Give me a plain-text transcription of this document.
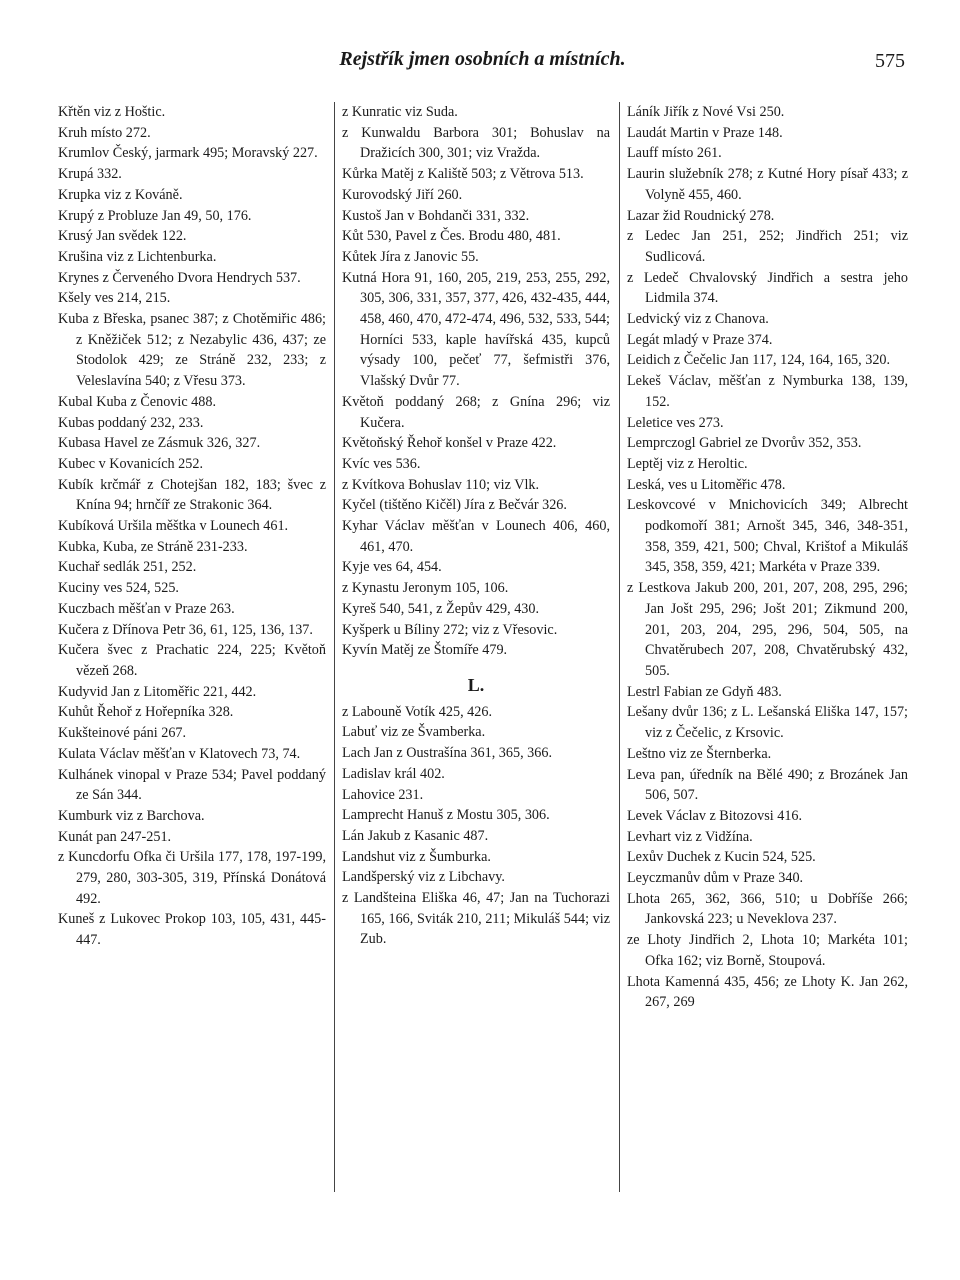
Rejstřík jmen osobních a místních.	575

Křtěn viz z Hoštic.

Kruh místo 272.

Krumlov Český, jarmark 495; Moravský 227.

Krupá 332.

Krupka viz z Kováně.

Krupý z Probluze Jan 49, 50, 176.

Krusý Jan svědek 122.

Krušina viz z Lichtenburka.

Krynes z Červeného Dvora Hendrych 537.

Kšely ves 214, 215.

Kuba z Břeska, psanec 387; z Chotěmiřic 486; z Kněžiček 512; z Nezabylic 436, 437; ze Stodolok 429; ze Stráně 232, 233; z Veleslavína 540; z Vřesu 373.

Kubal Kuba z Čenovic 488.

Kubas poddaný 232, 233.

Kubasa Havel ze Zásmuk 326, 327.

Kubec v Kovanicích 252.

Kubík krčmář z Chotejšan 182, 183; švec z Knína 94; hrnčíř ze Strakonic 364.

Kubíková Uršila měštka v Lounech 461.

Kubka, Kuba, ze Stráně 231-233.

Kuchař sedlák 251, 252.

Kuciny ves 524, 525.

Kuczbach měšťan v Praze 263.

Kučera z Dřínova Petr 36, 61, 125, 136, 137.

Kučera švec z Prachatic 224, 225; Květoň vězeň 268.

Kudyvid Jan z Litoměřic 221, 442.

Kuhůt Řehoř z Hořepníka 328.

Kukšteinové páni 267.

Kulata Václav měšťan v Klatovech 73, 74.

Kulhánek vinopal v Praze 534; Pavel poddaný ze Sán 344.

Kumburk viz z Barchova.

Kunát pan 247-251.

z Kuncdorfu Ofka či Uršila 177, 178, 197-199, 279, 280, 303-305, 319, Přínská Donátová 492.

Kuneš z Lukovec Prokop 103, 105, 431, 445-447.

z Kunratic viz Suda.

z Kunwaldu Barbora 301; Bohuslav na Dražicích 300, 301; viz Vražda.

Kůrka Matěj z Kaliště 503; z Větrova 513.

Kurovodský Jiří 260.

Kustoš Jan v Bohdanči 331, 332.

Kůt 530, Pavel z Čes. Brodu 480, 481.

Kůtek Jíra z Janovic 55.

Kutná Hora 91, 160, 205, 219, 253, 255, 292, 305, 306, 331, 357, 377, 426, 432-435, 444, 458, 460, 470, 472-474, 496, 532, 533, 544; Horníci 533, kaple havířská 435, kupců výsady 100, pečeť 77, šefmistři 376, Vlašský Dvůr 77.

Květoň poddaný 268; z Gnína 296; viz Kučera.

Květoňský Řehoř konšel v Praze 422.

Kvíc ves 536.

z Kvítkova Bohuslav 110; viz Vlk.

Kyčel (tištěno Kičěl) Jíra z Bečvár 326.

Kyhar Václav měšťan v Lounech 406, 460, 461, 470.

Kyje ves 64, 454.

z Kynastu Jeronym 105, 106.

Kyreš 540, 541, z Žepův 429, 430.

Kyšperk u Bíliny 272; viz z Vřesovic.

Kyvín Matěj ze Štomíře 479.

L.

z Labouně Votík 425, 426.

Labuť viz ze Švamberka.

Lach Jan z Oustrašína 361, 365, 366.

Ladislav král 402.

Lahovice 231.

Lamprecht Hanuš z Mostu 305, 306.

Lán Jakub z Kasanic 487.

Landshut viz z Šumburka.

Landšperský viz z Libchavy.

z Landšteina Eliška 46, 47; Jan na Tuchorazi 165, 166, Sviták 210, 211; Mikuláš 544; viz Zub.

Láník Jiřík z Nové Vsi 250.

Laudát Martin v Praze 148.

Lauff místo 261.

Laurin služebník 278; z Kutné Hory písař 433; z Volyně 455, 460.

Lazar žid Roudnický 278.

z Ledec Jan 251, 252; Jindřich 251; viz Sudlicová.

z Ledeč Chvalovský Jindřich a sestra jeho Lidmila 374.

Ledvický viz z Chanova.

Legát mladý v Praze 374.

Leidich z Čečelic Jan 117, 124, 164, 165, 320.

Lekeš Václav, měšťan z Nymburka 138, 139, 152.

Leletice ves 273.

Lemprczogl Gabriel ze Dvorův 352, 353.

Leptěj viz z Heroltic.

Leská, ves u Litoměřic 478.

Leskovcové v Mnichovicích 349; Albrecht podkomoří 381; Arnošt 345, 346, 348-351, 358, 359, 421, 500; Chval, Krištof a Mikuláš 345, 358, 359, 421; Markéta v Praze 339.

z Lestkova Jakub 200, 201, 207, 208, 295, 296; Jan Jošt 295, 296; Jošt 201; Zikmund 200, 201, 203, 204, 295, 296, 504, 505, na Chvatěrubech 207, 208, Chvatěrubský 432, 505.

Lestrl Fabian ze Gdyň 483.

Lešany dvůr 136; z L. Lešanská Eliška 147, 157; viz z Čečelic, z Krsovic.

Leštno viz ze Šternberka.

Leva pan, úředník na Bělé 490; z Brozánek Jan 506, 507.

Levek Václav z Bitozovsi 416.

Levhart viz z Vidžína.

Lexův Duchek z Kucin 524, 525.

Leyczmanův dům v Praze 340.

Lhota 265, 362, 366, 510; u Dobříše 266; Jankovská 223; u Neveklova 237.

ze Lhoty Jindřich 2, Lhota 10; Markéta 101; Ofka 162; viz Borně, Stoupová.

Lhota Kamenná 435, 456; ze Lhoty K. Jan 262, 267, 269
